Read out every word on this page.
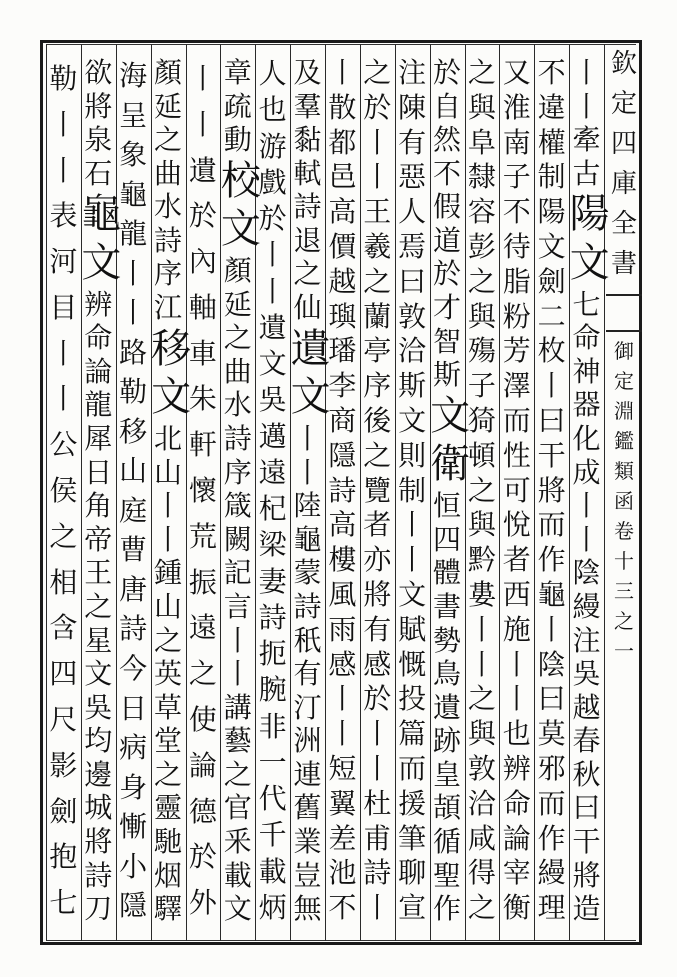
欽
定
四
庫
全
書
御
定
淵
鑑
類
函
卷
十
三
之
一
丨
丨
牽
古
陽
文
七
命
神
器
化
成
丨
丨
陰
縵
注
吳
越
春
秋
曰
干
將
造
不
違
權
制
陽
文
劍
二
枚
丨
曰
干
將
而
作
龜
丨
陰
曰
莫
邪
而
作
縵
理
又
淮
南
子
不
待
脂
粉
芳
澤
而
性
可
悅
者
西
施
丨
丨
也
辨
命
論
宰
衡
之
與
阜
隸
容
彭
之
與
殤
子
猗
頓
之
與
黔
婁
丨
丨
之
與
敦
洽
咸
得
之
於
自
然
不
假
道
於
才
智
斯
文
衛
恒
四
體
書
勢
鳥
遺
跡
皇
頡
循
聖
作
注
陳
有
惡
人
焉
曰
敦
洽
斯
文
則
制
丨
丨
文
賦
慨
投
篇
而
援
筆
聊
宣
之
於
丨
丨
王
羲
之
蘭
亭
序
後
之
覽
者
亦
將
有
感
於
丨
丨
杜
甫
詩
丨
丨
散
都
邑
高
價
越
璵
璠
李
商
隱
詩
高
樓
風
雨
感
丨
丨
短
翼
差
池
不
及
羣
黏
軾
詩
退
之
仙
遺
文
丨
丨
陸
龜
蒙
詩
秖
有
汀
洲
連
舊
業
豈
無
人
也
游
戲
於
丨
丨
遺
文
吳
邁
遠
杞
梁
妻
詩
扼
腕
非
一
代
千
載
炳
章
疏
動
校
文
顏
延
之
曲
水
詩
序
箴
闕
記
言
丨
丨
講
藝
之
官
釆
載
文
丨
丨
遺
於
內
軸
車
朱
軒
懷
荒
振
遠
之
使
論
德
於
外
顏
延
之
曲
水
詩
序
江
移
文
北
山
丨
丨
鍾
山
之
英
草
堂
之
靈
馳
烟
驛
海
呈
象
龜
龍
丨
丨
路
勒
移
山
庭
曹
唐
詩
今
日
病
身
慚
小
隱
欲
將
泉
石
龜
文
辨
命
論
龍
犀
日
角
帝
王
之
星
文
吳
均
邊
城
將
詩
刀
勒
丨
丨
表
河
目
丨
丨
公
侯
之
相
含
四
尺
影
劍
抱
七
